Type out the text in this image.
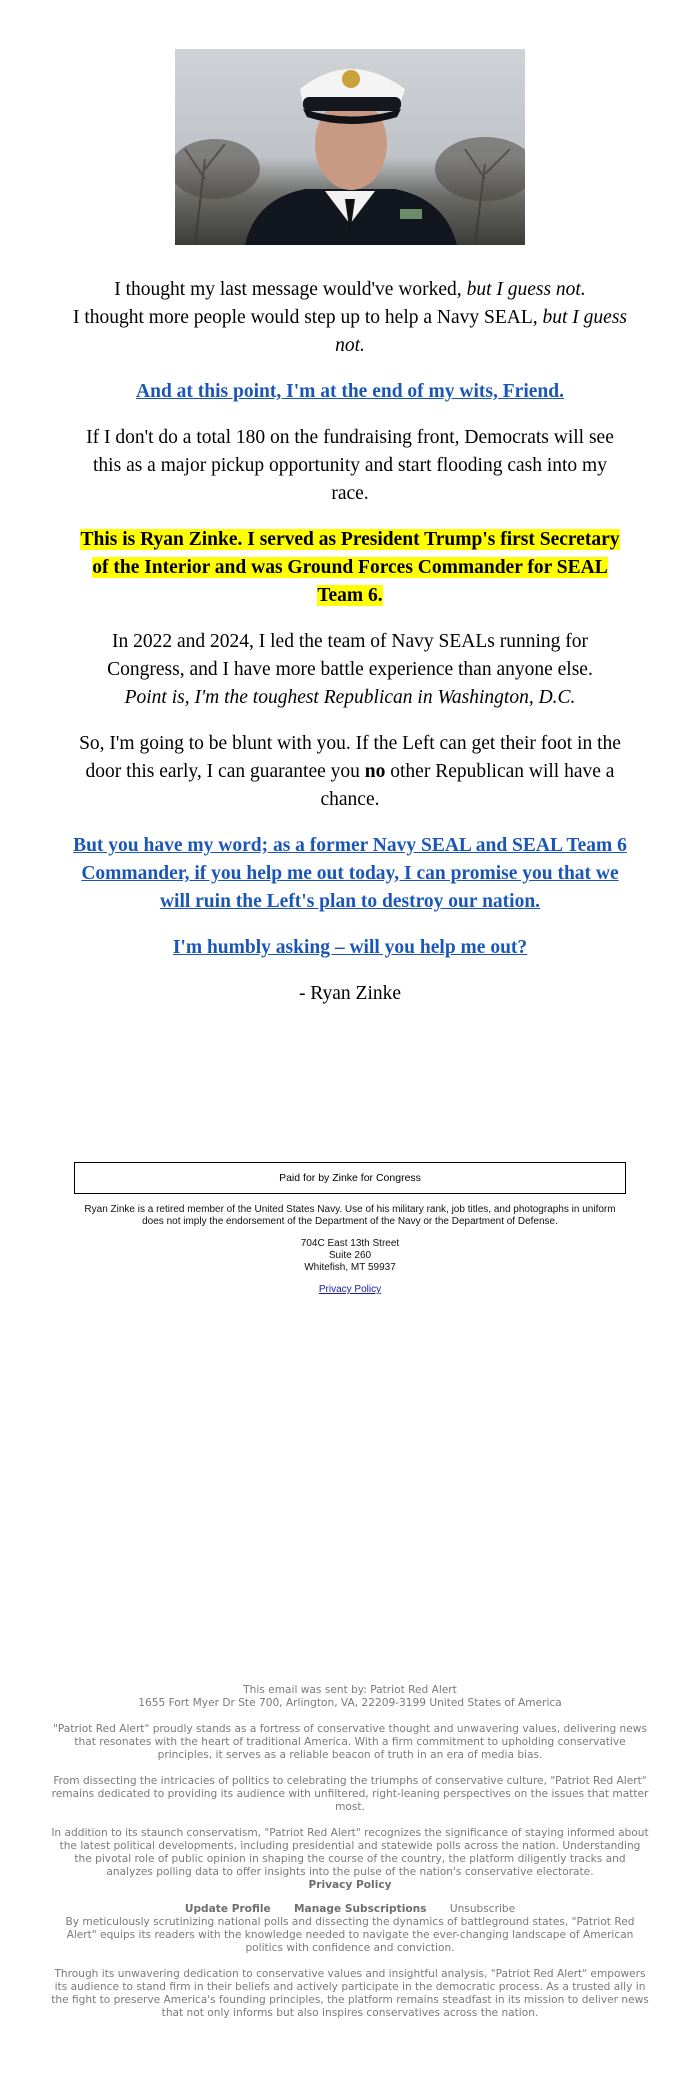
I thought my last message would've worked, but I guess not.
I thought more people would step up to help a Navy SEAL, but I guess not.

And at this point, I'm at the end of my wits, Friend.

If I don't do a total 180 on the fundraising front, Democrats will see this as a major pickup opportunity and start flooding cash into my race.

This is Ryan Zinke. I served as President Trump's first Secretary of the Interior and was Ground Forces Commander for SEAL Team 6.

In 2022 and 2024, I led the team of Navy SEALs running for Congress, and I have more battle experience than anyone else.
Point is, I'm the toughest Republican in Washington, D.C.

So, I'm going to be blunt with you. If the Left can get their foot in the door this early, I can guarantee you no other Republican will have a chance.

But you have my word; as a former Navy SEAL and SEAL Team 6 Commander, if you help me out today, I can promise you that we will ruin the Left's plan to destroy our nation.

I'm humbly asking – will you help me out?

- Ryan Zinke

Paid for by Zinke for Congress

Ryan Zinke is a retired member of the United States Navy. Use of his military rank, job titles, and photographs in uniform does not imply the endorsement of the Department of the Navy or the Department of Defense.

704C East 13th Street
Suite 260
Whitefish, MT 59937

Privacy Policy

This email was sent by: Patriot Red Alert
1655 Fort Myer Dr Ste 700, Arlington, VA, 22209-3199 United States of America

"Patriot Red Alert" proudly stands as a fortress of conservative thought and unwavering values, delivering news that resonates with the heart of traditional America. With a firm commitment to upholding conservative principles, it serves as a reliable beacon of truth in an era of media bias.

From dissecting the intricacies of politics to celebrating the triumphs of conservative culture, "Patriot Red Alert" remains dedicated to providing its audience with unfiltered, right-leaning perspectives on the issues that matter most.

In addition to its staunch conservatism, "Patriot Red Alert" recognizes the significance of staying informed about the latest political developments, including presidential and statewide polls across the nation. Understanding the pivotal role of public opinion in shaping the course of the country, the platform diligently tracks and analyzes polling data to offer insights into the pulse of the nation's conservative electorate.

Privacy Policy

Update Profile Manage Subscriptions Unsubscribe

By meticulously scrutinizing national polls and dissecting the dynamics of battleground states, "Patriot Red Alert" equips its readers with the knowledge needed to navigate the ever-changing landscape of American politics with confidence and conviction.

Through its unwavering dedication to conservative values and insightful analysis, "Patriot Red Alert" empowers its audience to stand firm in their beliefs and actively participate in the democratic process. As a trusted ally in the fight to preserve America's founding principles, the platform remains steadfast in its mission to deliver news that not only informs but also inspires conservatives across the nation.
